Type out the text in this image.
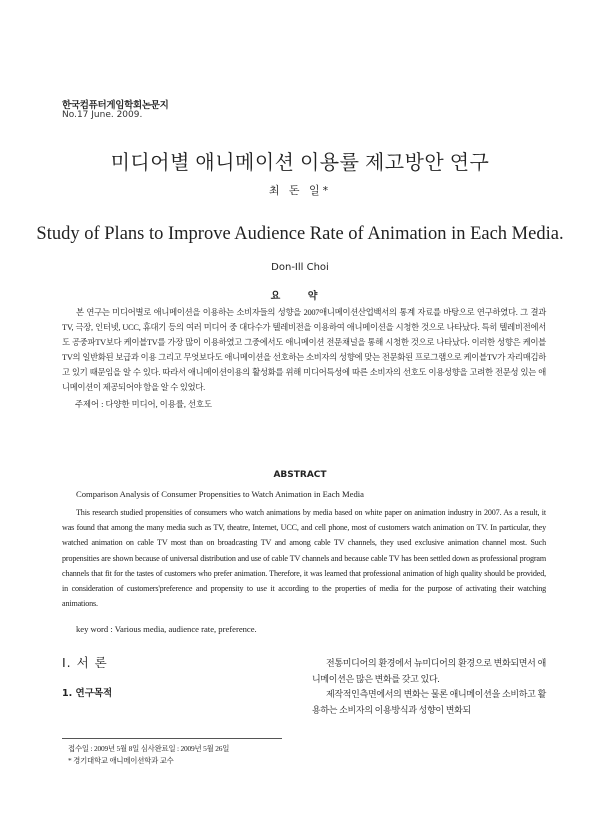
한국컴퓨터게임학회논문지
No.17 June. 2009.
미디어별 애니메이션 이용률 제고방안 연구
최 돈 일*
Study of Plans to Improve Audience Rate of Animation in Each Media.
Don-Ill Choi
요 약

본 연구는 미디어별로 애니메이션을 이용하는 소비자들의 성향을 2007애니메이션산업백서의 통계 자료를 바탕으로 연구하였다. 그 결과 TV, 극장, 인터넷, UCC, 휴대기 등의 여러 미디어 중 대다수가 텔레비전을 이용하여 애니메이션을 시청한 것으로 나타났다. 특히 텔레비전에서도 공중파TV보다 케이블TV를 가장 많이 이용하였고 그중에서도 애니메이션 전문채널을 통해 시청한 것으로 나타났다. 이러한 성향은 케이블TV의 일반화된 보급과 이용 그리고 무엇보다도 애니메이션을 선호하는 소비자의 성향에 맞는 전문화된 프로그램으로 케이블TV가 자리매김하고 있기 때문임을 알 수 있다. 따라서 애니메이션이용의 활성화를 위해 미디어특성에 따른 소비자의 선호도 이용성향을 고려한 전문성 있는 애니메이션이 제공되어야 함을 알 수 있었다.

주제어 : 다양한 미디어, 이용률, 선호도
ABSTRACT
Comparison Analysis of Consumer Propensities to Watch Animation in Each Media

This research studied propensities of consumers who watch animations by media based on white paper on animation industry in 2007. As a result, it was found that among the many media such as TV, theatre, Internet, UCC, and cell phone, most of customers watch animation on TV. In particular, they watched animation on cable TV most than on broadcasting TV and among cable TV channels, they used exclusive animation channel most. Such propensities are shown because of universal distribution and use of cable TV channels and because cable TV has been settled down as professional program channels that fit for the tastes of customers who prefer animation. Therefore, it was learned that professional animation of high quality should be provided, in consideration of customers'preference and propensity to use it according to the properties of media for the purpose of activating their watching animations.

key word : Various media, audience rate, preference.
Ⅰ. 서 론
1. 연구목적

전통미디어의 환경에서 뉴미디어의 환경으로 변화되면서 애니메이션은 많은 변화를 갖고 있다.

제작적인측면에서의 변화는 물론 애니메이션을 소비하고 활용하는 소비자의 이용방식과 성향이 변화되

접수일 : 2009년 5월 8일 심사완료일 : 2009년 5월 26일
* 경기대학교 애니메이션학과 교수
